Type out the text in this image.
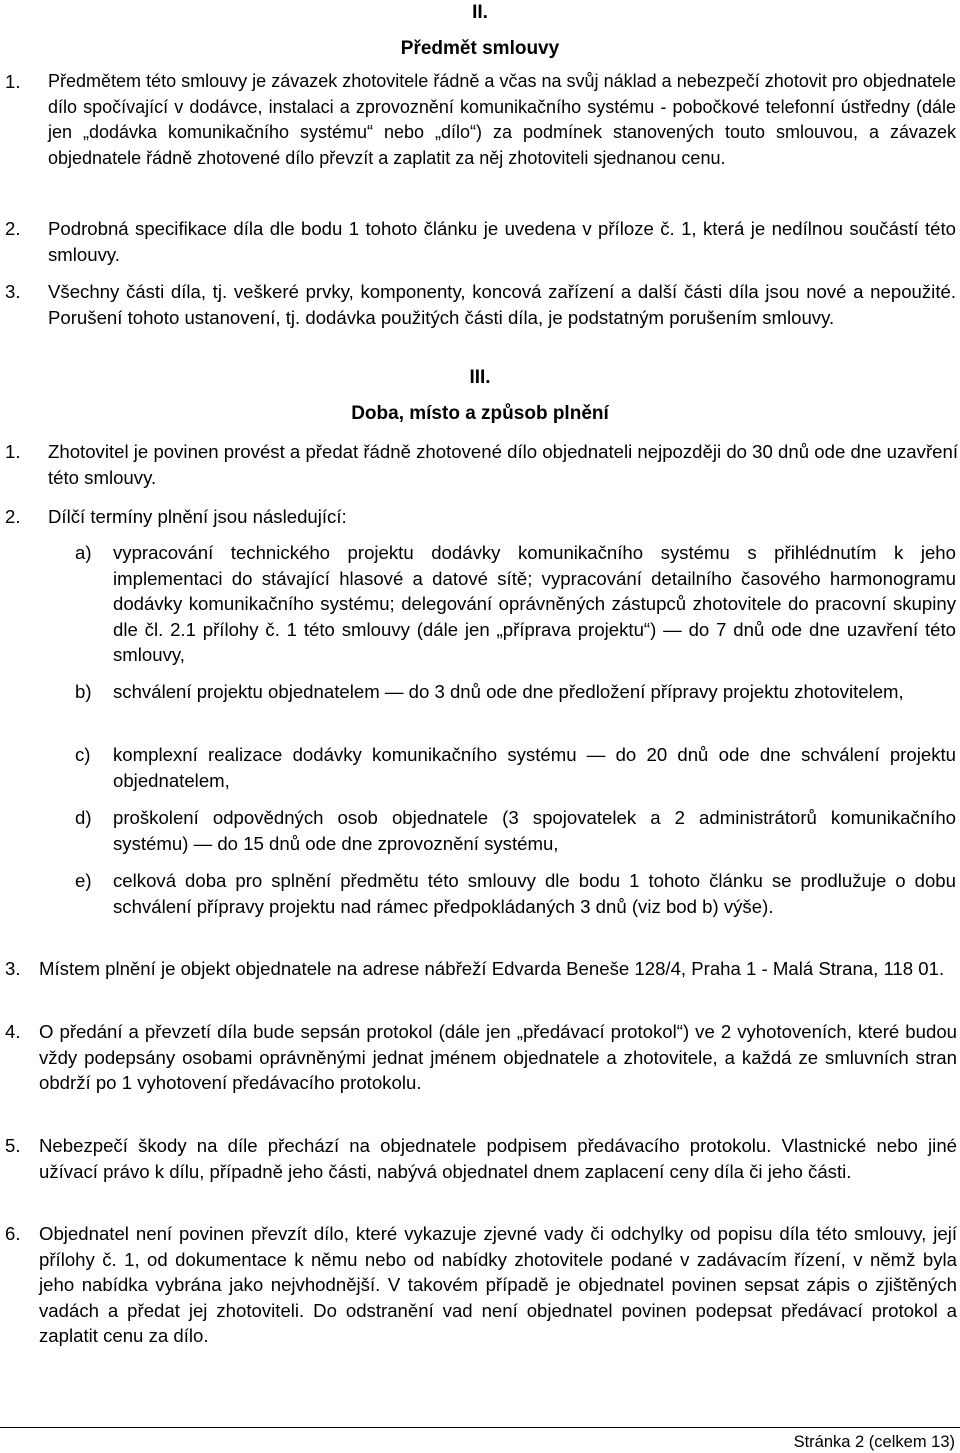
II.
Předmět smlouvy
1. Předmětem této smlouvy je závazek zhotovitele řádně a včas na svůj náklad a nebezpečí zhotovit pro objednatele dílo spočívající v dodávce, instalaci a zprovoznění komunikačního systému - pobočkové telefonní ústředny (dále jen „dodávka komunikačního systému“ nebo „dílo“) za podmínek stanovených touto smlouvou, a závazek objednatele řádně zhotovené dílo převzít a zaplatit za něj zhotoviteli sjednanou cenu.
2. Podrobná specifikace díla dle bodu 1 tohoto článku je uvedena v příloze č. 1, která je nedílnou součástí této smlouvy.
3. Všechny části díla, tj. veškeré prvky, komponenty, koncová zařízení a další části díla jsou nové a nepoužité. Porušení tohoto ustanovení, tj. dodávka použitých části díla, je podstatným porušením smlouvy.
III.
Doba, místo a způsob plnění
1. Zhotovitel je povinen provést a předat řádně zhotovené dílo objednateli nejpozději do 30 dnů ode dne uzavření této smlouvy.
2. Dílčí termíny plnění jsou následující:
a) vypracování technického projektu dodávky komunikačního systému s přihlédnutím k jeho implementaci do stávající hlasové a datové sítě; vypracování detailního časového harmonogramu dodávky komunikačního systému; delegování oprávněných zástupců zhotovitele do pracovní skupiny dle čl. 2.1 přílohy č. 1 této smlouvy (dále jen „příprava projektu“) — do 7 dnů ode dne uzavření této smlouvy,
b) schválení projektu objednatelem — do 3 dnů ode dne předložení přípravy projektu zhotovitelem,
c) komplexní realizace dodávky komunikačního systému — do 20 dnů ode dne schválení projektu objednatelem,
d) proškolení odpovědných osob objednatele (3 spojovatelek a 2 administrátorů komunikačního systému) — do 15 dnů ode dne zprovoznění systému,
e) celková doba pro splnění předmětu této smlouvy dle bodu 1 tohoto článku se prodlužuje o dobu schválení přípravy projektu nad rámec předpokládaných 3 dnů (viz bod b) výše).
3. Místem plnění je objekt objednatele na adrese nábřeží Edvarda Beneše 128/4, Praha 1 - Malá Strana, 118 01.
4. O předání a převzetí díla bude sepsán protokol (dále jen „předávací protokol“) ve 2 vyhotoveních, které budou vždy podepsány osobami oprávněnými jednat jménem objednatele a zhotovitele, a každá ze smluvních stran obdrží po 1 vyhotovení předávacího protokolu.
5. Nebezpečí škody na díle přechází na objednatele podpisem předávacího protokolu. Vlastnické nebo jiné užívací právo k dílu, případně jeho části, nabývá objednatel dnem zaplacení ceny díla či jeho části.
6. Objednatel není povinen převzít dílo, které vykazuje zjevné vady či odchylky od popisu díla této smlouvy, její přílohy č. 1, od dokumentace k němu nebo od nabídky zhotovitele podané v zadávacím řízení, v němž byla jeho nabídka vybrána jako nejvhodnější. V takovém případě je objednatel povinen sepsat zápis o zjištěných vadách a předat jej zhotoviteli. Do odstranění vad není objednatel povinen podepsat předávací protokol a zaplatit cenu za dílo.
Stránka 2 (celkem 13)
